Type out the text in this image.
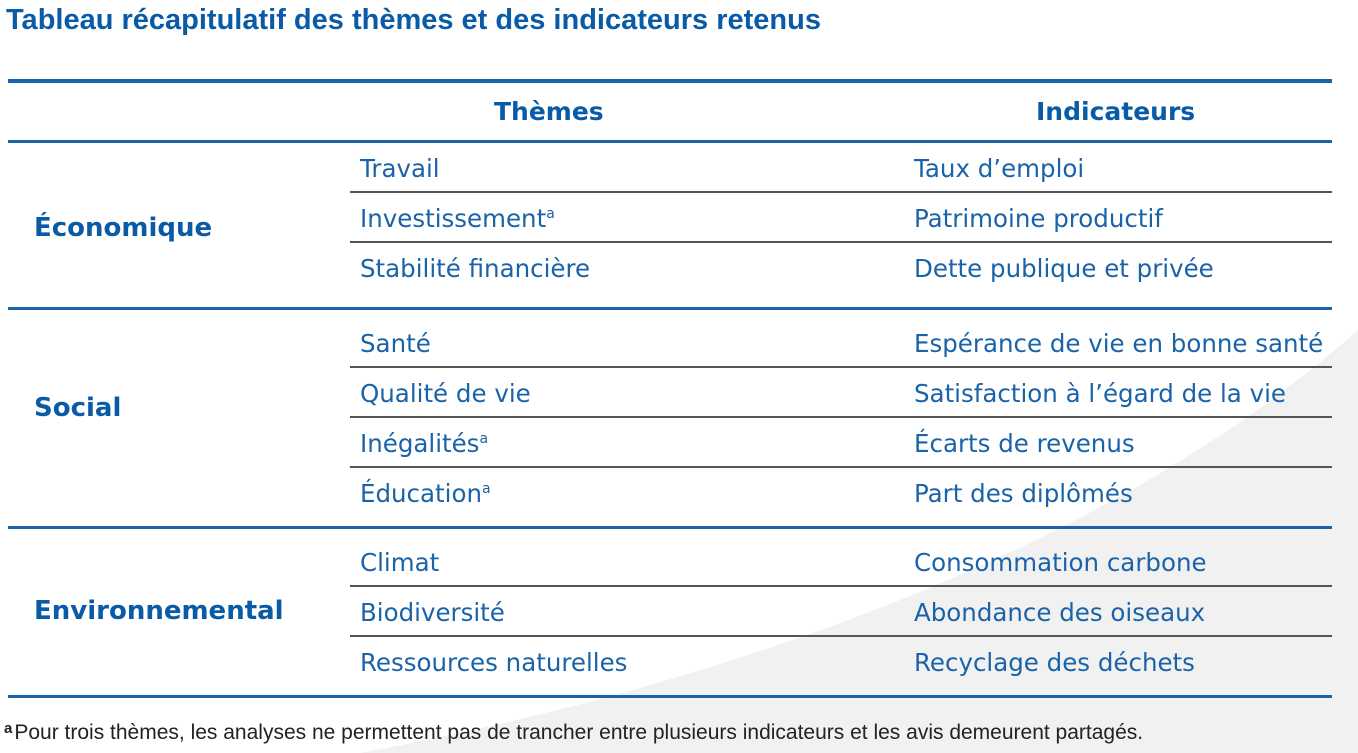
Tableau récapitulatif des thèmes et des indicateurs retenus
Thèmes	Indicateurs
Économique
Travail	Taux d’emploi
Investissement$^a$	Patrimoine productif
Stabilité financière	Dette publique et privée
Social
Santé	Espérance de vie en bonne santé
Qualité de vie	Satisfaction à l’égard de la vie
Inégalités$^a$	Écarts de revenus
Éducation$^a$	Part des diplômés
Environnemental
Climat	Consommation carbone
Biodiversité	Abondance des oiseaux
Ressources naturelles	Recyclage des déchets

$^a$Pour trois thèmes, les analyses ne permettent pas de trancher entre plusieurs indicateurs et les avis demeurent partagés.
